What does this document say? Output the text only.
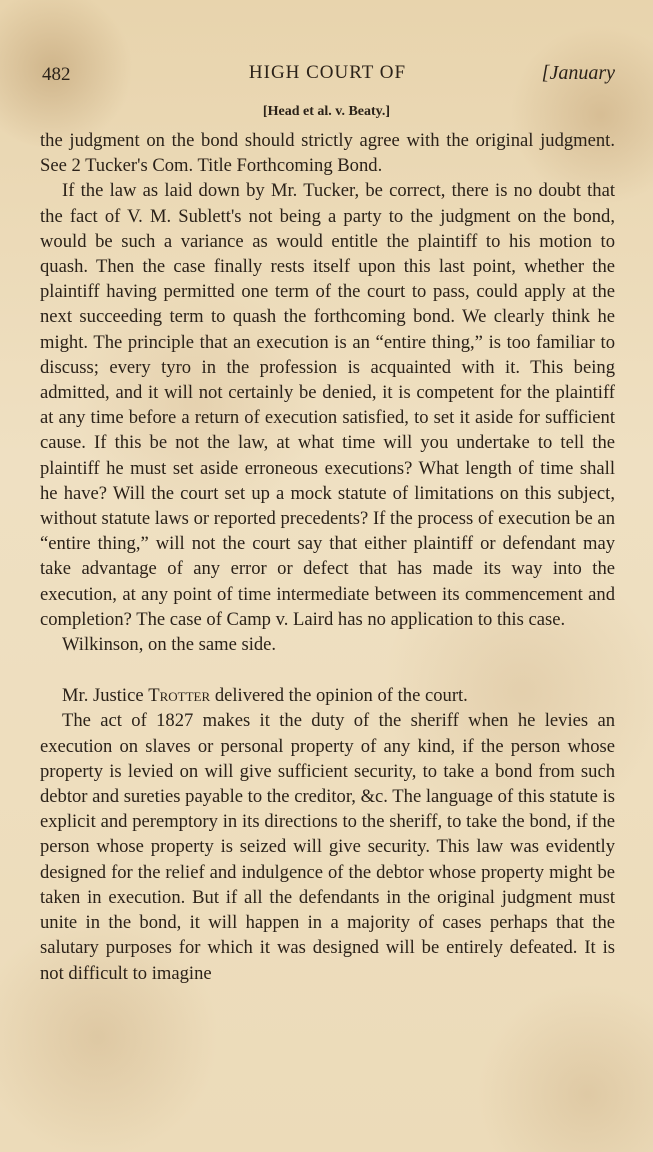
482	HIGH COURT OF	[January
[Head et al. v. Beaty.]

the judgment on the bond should strictly agree with the original judgment. See 2 Tucker's Com. Title Forthcoming Bond.

If the law as laid down by Mr. Tucker, be correct, there is no doubt that the fact of V. M. Sublett's not being a party to the judgment on the bond, would be such a variance as would entitle the plaintiff to his motion to quash. Then the case finally rests itself upon this last point, whether the plaintiff having permitted one term of the court to pass, could apply at the next succeeding term to quash the forthcoming bond. We clearly think he might. The principle that an execution is an “entire thing,” is too familiar to discuss; every tyro in the profession is acquainted with it. This being admitted, and it will not certainly be denied, it is competent for the plaintiff at any time before a return of execution satisfied, to set it aside for sufficient cause. If this be not the law, at what time will you undertake to tell the plaintiff he must set aside erroneous executions? What length of time shall he have? Will the court set up a mock statute of limitations on this subject, without statute laws or reported precedents? If the process of execution be an “entire thing,” will not the court say that either plaintiff or defendant may take advantage of any error or defect that has made its way into the execution, at any point of time intermediate between its commencement and completion? The case of Camp v. Laird has no application to this case.

Wilkinson, on the same side.

Mr. Justice Trotter delivered the opinion of the court.

The act of 1827 makes it the duty of the sheriff when he levies an execution on slaves or personal property of any kind, if the person whose property is levied on will give sufficient security, to take a bond from such debtor and sureties payable to the creditor, &c. The language of this statute is explicit and peremptory in its directions to the sheriff, to take the bond, if the person whose property is seized will give security. This law was evidently designed for the relief and indulgence of the debtor whose property might be taken in execution. But if all the defendants in the original judgment must unite in the bond, it will happen in a majority of cases perhaps that the salutary purposes for which it was designed will be entirely defeated. It is not difficult to imagine
